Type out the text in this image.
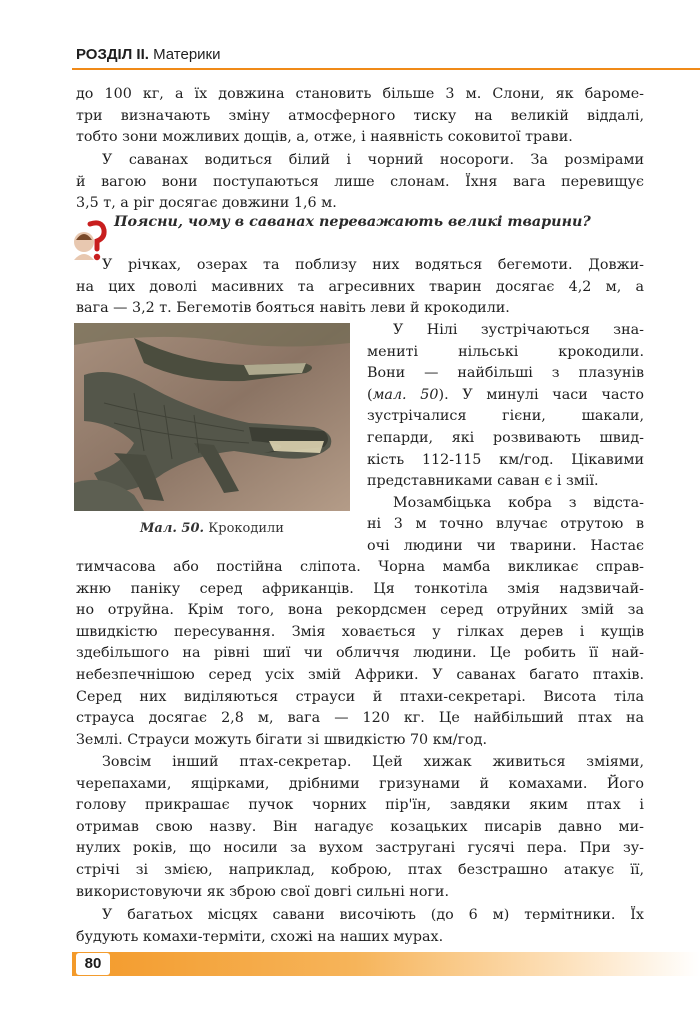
РОЗДІЛ II. Материки

до 100 кг, а їх довжина становить більше 3 м. Слони, як бароме-

три визначають зміну атмосферного тиску на великій віддалі,

тобто зони можливих дощів, а, отже, і наявність соковитої трави.

У саванах водиться білий і чорний носороги. За розмірами

й вагою вони поступаються лише слонам. Їхня вага перевищує

3,5 т, а ріг досягає довжини 1,6 м.

Поясни, чому в саванах переважають великі тварини?

У річках, озерах та поблизу них водяться бегемоти. Довжи-

на цих доволі масивних та агресивних тварин досягає 4,2 м, а

вага — 3,2 т. Бегемотів бояться навіть леви й крокодили.

Мал. 50. Крокодили

У Нілі зустрічаються зна-

мениті нільські крокодили.

Вони — найбільші з плазунів

(мал. 50). У минулі часи часто

зустрічалися гієни, шакали,

гепарди, які розвивають швид-

кість 112-115 км/год. Цікавими

представниками саван є і змії.

Мозамбіцька кобра з відста-

ні 3 м точно влучає отрутою в

очі людини чи тварини. Настає

тимчасова або постійна сліпота. Чорна мамба викликає справ-

жню паніку серед африканців. Ця тонкотіла змія надзвичай-

но отруйна. Крім того, вона рекордсмен серед отруйних змій за

швидкістю пересування. Змія ховається у гілках дерев і кущів

здебільшого на рівні шиї чи обличчя людини. Це робить її най-

небезпечнішою серед усіх змій Африки. У саванах багато птахів.

Серед них виділяються страуси й птахи-секретарі. Висота тіла

страуса досягає 2,8 м, вага — 120 кг. Це найбільший птах на

Землі. Страуси можуть бігати зі швидкістю 70 км/год.

Зовсім інший птах-секретар. Цей хижак живиться зміями,

черепахами, ящірками, дрібними гризунами й комахами. Його

голову прикрашає пучок чорних пір'їн, завдяки яким птах і

отримав свою назву. Він нагадує козацьких писарів давно ми-

нулих років, що носили за вухом застругані гусячі пера. При зу-

стрічі зі змією, наприклад, коброю, птах безстрашно атакує її,

використовуючи як зброю свої довгі сильні ноги.

У багатьох місцях савани височіють (до 6 м) термітники. Їх

будують комахи-терміти, схожі на наших мурах.

80
